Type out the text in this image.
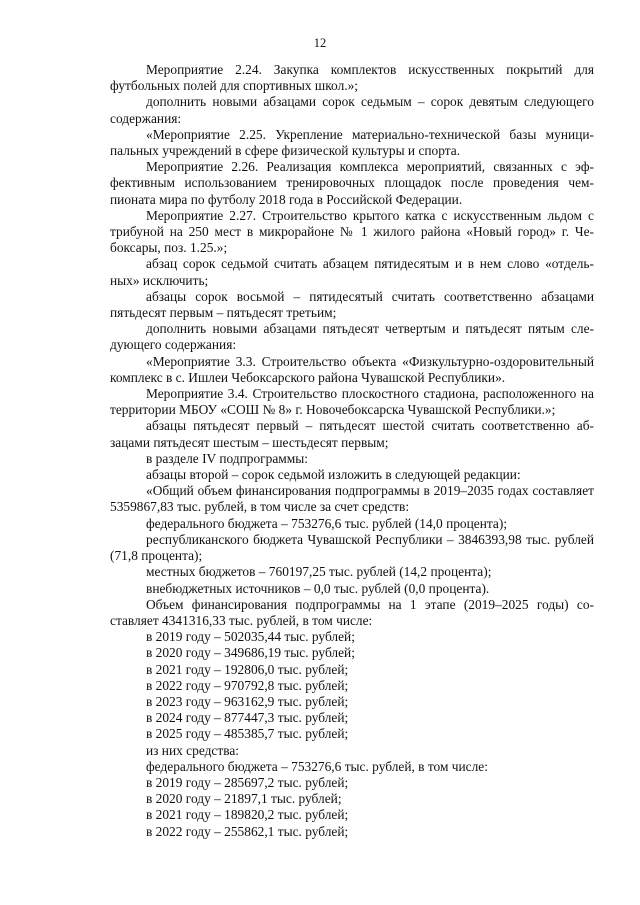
12

Мероприятие 2.24. Закупка комплектов искусственных покрытий для футбольных полей для спортивных школ.»;

дополнить новыми абзацами сорок седьмым – сорок девятым следующего содержания:

«Мероприятие 2.25. Укрепление материально-технической базы муниципальных учреждений в сфере физической культуры и спорта.

Мероприятие 2.26. Реализация комплекса мероприятий, связанных с эффективным использованием тренировочных площадок после проведения чемпионата мира по футболу 2018 года в Российской Федерации.

Мероприятие 2.27. Строительство крытого катка с искусственным льдом с трибуной на 250 мест в микрорайоне № 1 жилого района «Новый город» г. Чебоксары, поз. 1.25.»;

абзац сорок седьмой считать абзацем пятидесятым и в нем слово «отдельных» исключить;

абзацы сорок восьмой – пятидесятый считать соответственно абзацами пятьдесят первым – пятьдесят третьим;

дополнить новыми абзацами пятьдесят четвертым и пятьдесят пятым следующего содержания:

«Мероприятие 3.3. Строительство объекта «Физкультурно-оздоровительный комплекс в с. Ишлеи Чебоксарского района Чувашской Республики».

Мероприятие 3.4. Строительство плоскостного стадиона, расположенного на территории МБОУ «СОШ № 8» г. Новочебоксарска Чувашской Республики.»;

абзацы пятьдесят первый – пятьдесят шестой считать соответственно абзацами пятьдесят шестым – шестьдесят первым;

в разделе IV подпрограммы:

абзацы второй – сорок седьмой изложить в следующей редакции:

«Общий объем финансирования подпрограммы в 2019–2035 годах составляет 5359867,83 тыс. рублей, в том числе за счет средств:

федерального бюджета – 753276,6 тыс. рублей (14,0 процента);

республиканского бюджета Чувашской Республики – 3846393,98 тыс. рублей (71,8 процента);

местных бюджетов – 760197,25 тыс. рублей (14,2 процента);

внебюджетных источников – 0,0 тыс. рублей (0,0 процента).

Объем финансирования подпрограммы на 1 этапе (2019–2025 годы) составляет 4341316,33 тыс. рублей, в том числе:

в 2019 году – 502035,44 тыс. рублей;

в 2020 году – 349686,19 тыс. рублей;

в 2021 году – 192806,0 тыс. рублей;

в 2022 году – 970792,8 тыс. рублей;

в 2023 году – 963162,9 тыс. рублей;

в 2024 году – 877447,3 тыс. рублей;

в 2025 году – 485385,7 тыс. рублей;

из них средства:

федерального бюджета – 753276,6 тыс. рублей, в том числе:

в 2019 году – 285697,2 тыс. рублей;

в 2020 году – 21897,1 тыс. рублей;

в 2021 году – 189820,2 тыс. рублей;

в 2022 году – 255862,1 тыс. рублей;
